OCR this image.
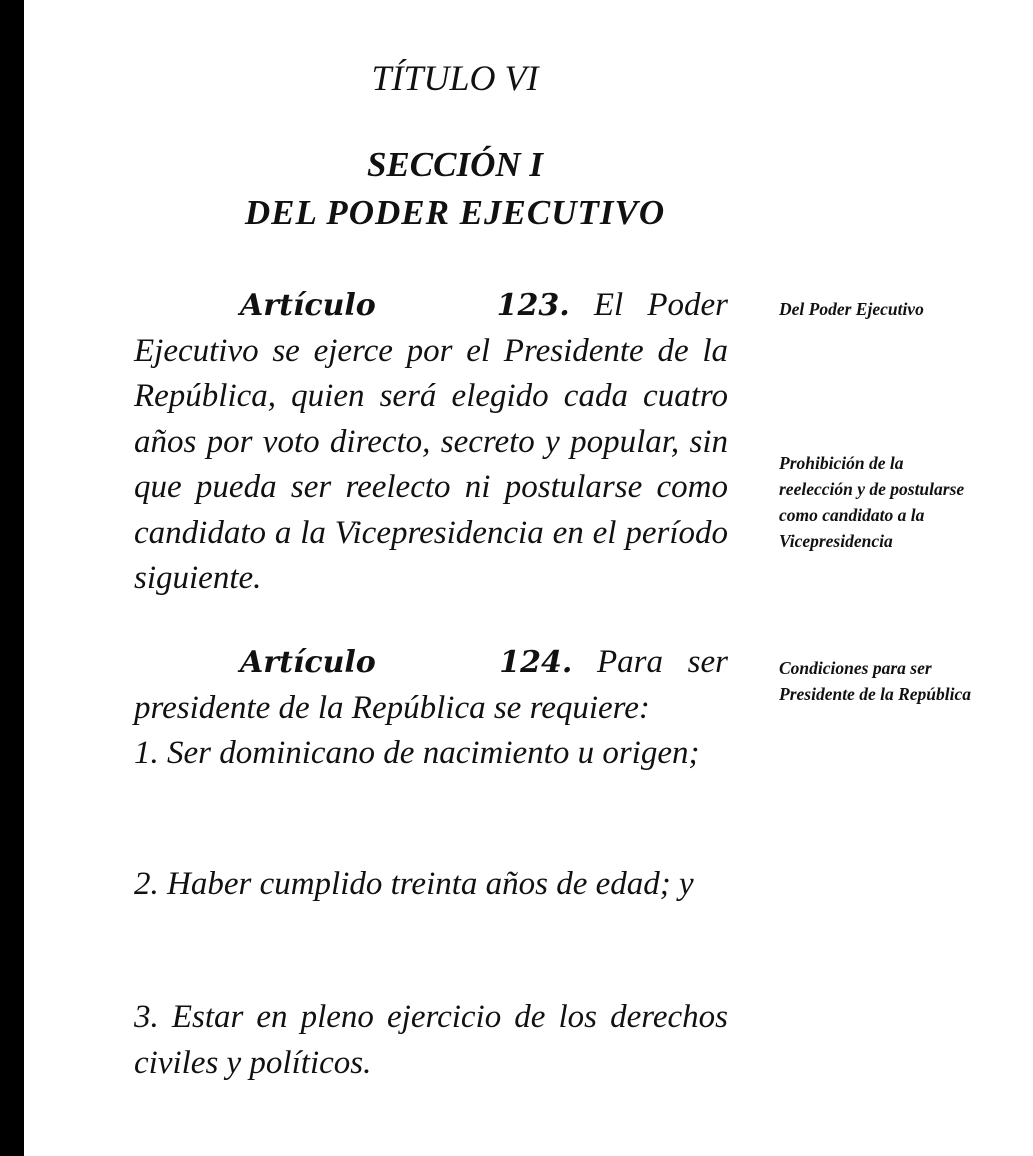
TÍTULO VI
SECCIÓN I
DEL PODER EJECUTIVO

Artículo	123. El Poder Ejecutivo se ejerce por el Presidente de la República, quien será elegido cada cuatro años por voto directo, secreto y popular, sin que pueda ser reelecto ni postularse como candidato a la Vicepresidencia en el período siguiente.

Artículo	124. Para ser presidente de la República se requiere:

1. Ser dominicano de nacimiento u origen;

2. Haber cumplido treinta años de edad; y

3. Estar en pleno ejercicio de los derechos civiles y políticos.

Del Poder Ejecutivo
Prohibición de la reelección y de postularse como candidato a la Vicepresidencia
Condiciones para ser Presidente de la República
